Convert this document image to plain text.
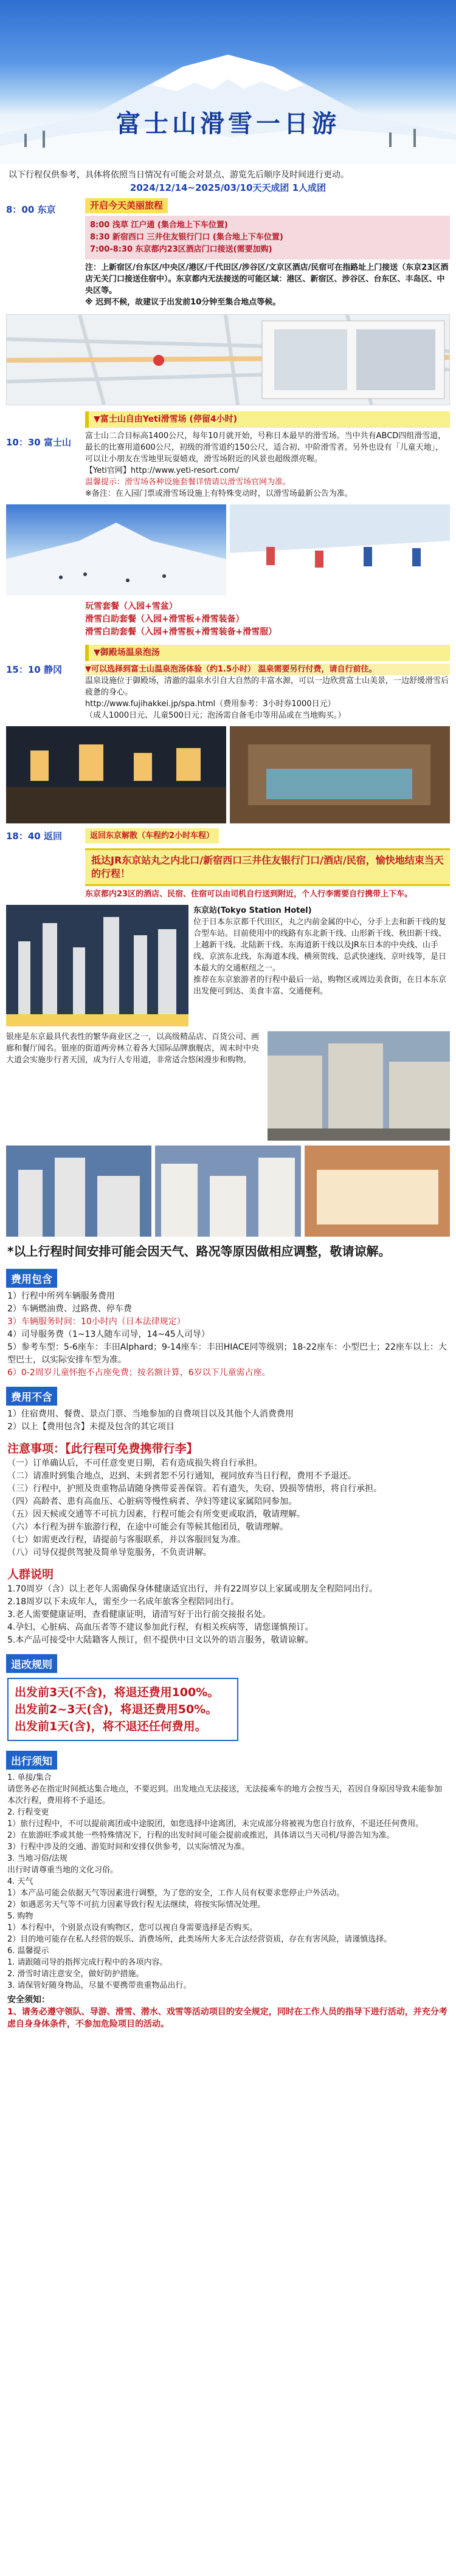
富士山滑雪一日游

以下行程仅供参考，具体将依照当日情况有可能会对景点、游览先后顺序及时间进行更动。

2024/12/14~2025/03/10天天成团 1人成团

8：00 东京	开启今天美丽旅程
8:00 浅草 江户通 (集合地上下车位置)
8:30 新宿西口 三井住友银行门口 (集合地上下车位置)
7:00-8:30 东京都内23区酒店门口接送(需要加购)

注：上新宿区/台东区/中央区/港区/千代田区/涉谷区/文京区酒店/民宿可在指路址上门接送（东京23区酒店无关门口接送住宿中）。东京都内无法接送的可能区域：港区、新宿区、涉谷区、台东区、丰岛区、中央区等。

※ 迟到不候，故建议于出发前10分钟至集合地点等候。

10：30 富士山
▼富士山自由Yeti滑雪场 (停留4小时)

富士山二合目标高1400公尺，每年10月就开始，号称日本最早的滑雪场。当中共有ABCD四组滑雪道，最长的比赛用道600公尺，初级的滑雪道约150公尺，适合初、中阶滑雪者。另外也设有「儿童天地」，可以让小朋友在雪地里玩耍嬉戏，滑雪场附近的风景也超级漂亮喔。

【Yeti官网】http://www.yeti-resort.com/

温馨提示：滑雪场各种设施套餐详情请以滑雪场官网为准。

※备注：在入园门票或滑雪场设施上有特殊变动时，以滑雪场最新公告为准。

玩雪套餐（入园+雪盆）

滑雪白助套餐（入园+滑雪板+滑雪装备）

滑雪白助套餐（入园+滑雪板+滑雪装备+滑雪服）

15：10 静冈
▼御殿场温泉泡汤

▼可以选择到富士山温泉泡汤体验（约1.5小时） 温泉需要另行付费，请自行前往。

温泉设施位于御殿场，清澈的温泉水引自大自然的丰富水源，可以一边欣赏富士山美景，一边舒缓滑雪后疲惫的身心。

http://www.fujihakkei.jp/spa.html（费用参考：3小时券1000日元）

（成人1000日元、儿童500日元；泡汤需自备毛巾等用品或在当地购买。）

18：40 返回	返回东京解散（车程约2小时车程）
抵达JR东京站丸之内北口/新宿西口三井住友银行门口/酒店/民宿，愉快地结束当天的行程！

东京都内23区的酒店、民宿、住宿可以由司机自行送到附近，个人行李需要自行携带上下车。

东京站(Tokyo Station Hotel)

位于日本东京都千代田区，丸之内前金属的中心，分手上去和新干线的复合型车站。目前使用中的线路有东北新干线、山形新干线、秋田新干线、上越新干线、北陆新干线、东海道新干线以及JR东日本的中央线、山手线、京滨东北线、东海道本线、横须贺线、总武快速线、京叶线等，是日本最大的交通枢纽之一。

推荐在东京旅游者的行程中最后一站，购物区或周边美食街，在日本东京出发便可到达、美食丰富、交通便利。

银座是东京最具代表性的繁华商业区之一，以高级精品店、百货公司、画廊和餐厅闻名。银座的街道两旁林立着各大国际品牌旗舰店，周末时中央大道会实施步行者天国，成为行人专用道，非常适合悠闲漫步和购物。
*以上行程时间安排可能会因天气、路况等原因做相应调整，敬请谅解。
费用包含

1）行程中所列车辆服务费用

2）车辆燃油费、过路费、停车费

3）车辆服务时间：10小时内（日本法律规定）

4）司导服务费（1~13人随车司导，14~45人司导）

5）参考车型：5-6座车：丰田Alphard；9-14座车：丰田HIACE同等级别；18-22座车：小型巴士；22座车以上：大型巴士，以实际安排车型为准。

6）0-2周岁儿童怀抱不占座免费；按名额计算，6岁以下儿童需占座。

费用不含

1）住宿费用、餐费、景点门票、当地参加的自费项目以及其他个人消费费用

2）以上【费用包含】未提及包含的其它项目

注意事项：【此行程可免费携带行李】

（一）订单确认后，不可任意变更日期，若有造成损失将自行承担。

（二）请准时到集合地点，迟到、未到者恕不另行通知，视同放弃当日行程，费用不予退还。

（三）行程中，护照及贵重物品请随身携带妥善保管。若有遗失，失窃、毁损等情形，将自行承担。

（四）高龄者、患有高血压、心脏病等慢性病者、孕妇等建议家属陪同参加。

（五）因天候或交通等不可抗力因素，行程可能会有所变更或取消，敬请理解。

（六）本行程为拼车旅游行程，在途中可能会有等候其他团员，敬请理解。

（七）如需更改行程，请提前与客服联系，并以客服回复为准。

（八）司导仅提供驾驶及简单导览服务，不负责讲解。

人群说明

1.70周岁（含）以上老年人需确保身体健康适宜出行，并有22周岁以上家属或朋友全程陪同出行。

2.18周岁以下未成年人，需至少一名成年旅客全程陪同出行。

3.老人需要健康证明，查看健康证明，请清写好于出行前交接报名处。

4.孕妇、心脏病、高血压者等不建议参加此行程，有相关疾病等，请您谨慎预订。

5.本产品可接受中大陆籍客人预订，但不提供中日文以外的语言服务，敬请谅解。

退改规则
出发前3天(不含)，将退还费用100%。
出发前2~3天(含)，将退还费用50%。
出发前1天(含)，将不退还任何费用。
出行须知

1. 单接/集合

请您务必在指定时间抵达集合地点，不要迟到。出发地点无法接送，无法接乘车的地方会按当天，若因自身原因导致未能参加本次行程，费用将不予退还。

2. 行程变更

1）旅行过程中，不可以提前离团或中途脱团，如您选择中途离团，未完成部分将被视为您自行放弃，不退还任何费用。

2）在旅游旺季或其他一些特殊情况下，行程的出发时间可能会提前或推迟，具体请以当天司机/导游告知为准。

3）行程中涉及的交通、游览时间和安排仅供参考，以实际情况为准。

3. 当地习俗/法规

出行时请尊重当地的文化习俗。

4. 天气

1）本产品可能会依据天气等因素进行调整，为了您的安全，工作人员有权要求您停止户外活动。

2）如遇恶劣天气等不可抗力因素导致行程无法继续，将按实际情况处理。

5. 购物

1）本行程中，个别景点设有购物区，您可以视自身需要选择是否购买。

2）目的地可能存在私人经营的娱乐、消费场所，此类场所大多无合法经营资质，存在有害风险，请谨慎选择。

6. 温馨提示

1. 请跟随司导的指挥完成行程中的各项内容。

2. 滑雪时请注意安全，做好防护措施。

3. 请保管好随身物品，尽量不要携带贵重物品出行。

安全须知：

1、请务必遵守领队、导游、滑雪、潜水、戏雪等活动项目的安全规定，同时在工作人员的指导下进行活动，并充分考虑自身身体条件，不参加危险项目的活动。
